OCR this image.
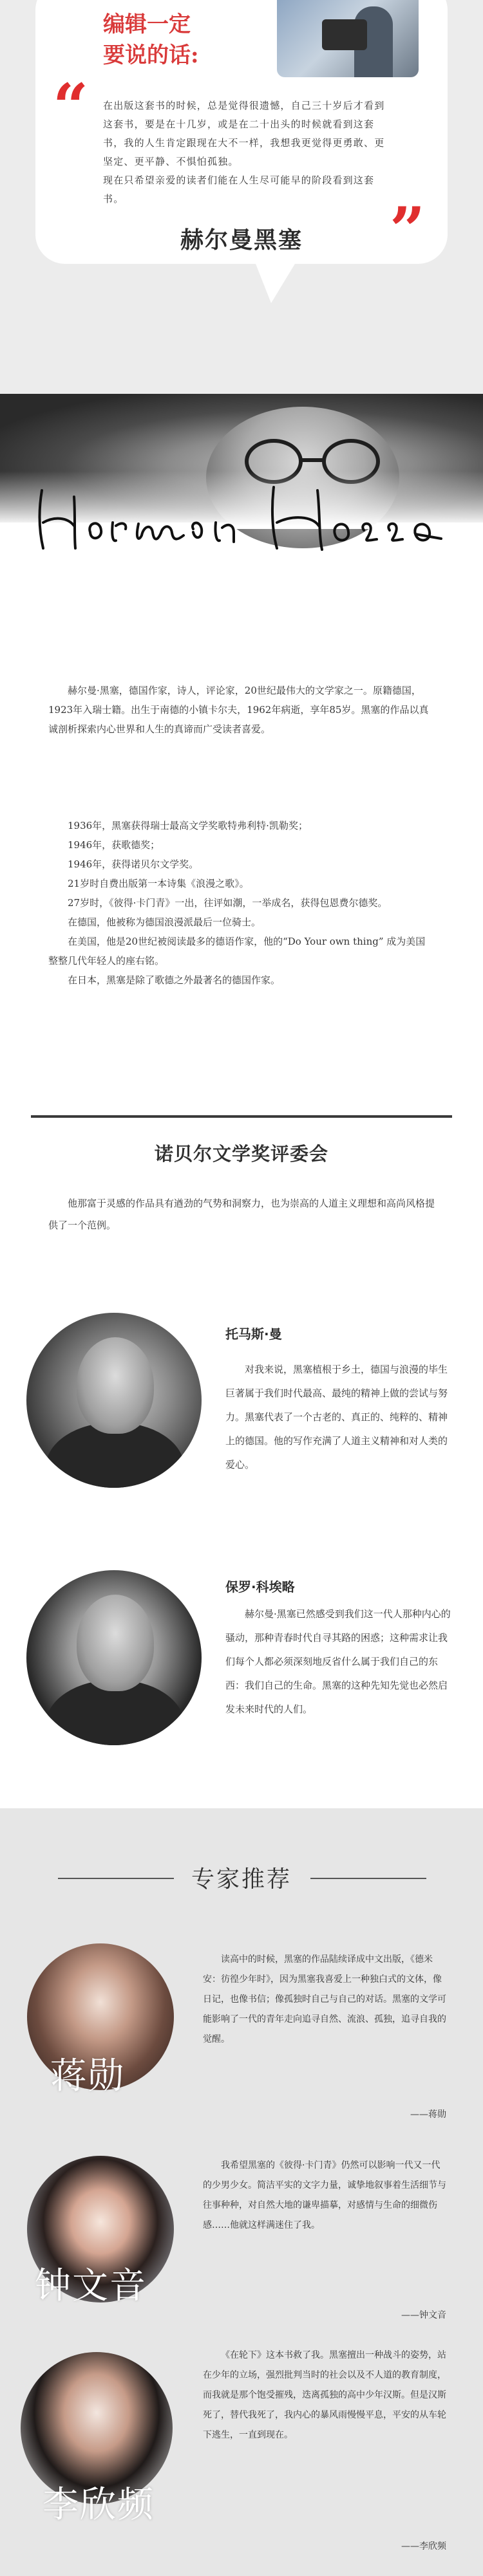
编辑一定
要说的话:
“ 在出版这套书的时候，总是觉得很遗憾，自己三十岁后才看到这套书，要是在十几岁，或是在二十出头的时候就看到这套书，我的人生肯定跟现在大不一样，我想我更觉得更勇敢、更坚定、更平静、不惧怕孤独。

现在只希望亲爱的读者们能在人生尽可能早的阶段看到这套书。	”
赫尔曼黑塞

赫尔曼·黑塞，德国作家，诗人，评论家，20世纪最伟大的文学家之一。原籍德国，1923年入瑞士籍。出生于南德的小镇卡尔夫，1962年病逝，享年85岁。黑塞的作品以真诚剖析探索内心世界和人生的真谛而广受读者喜爱。

1936年，黑塞获得瑞士最高文学奖歌特弗利特·凯勒奖；

1946年，获歌德奖；

1946年，获得诺贝尔文学奖。

21岁时自费出版第一本诗集《浪漫之歌》。

27岁时，《彼得·卡门青》一出，往评如潮，一举成名，获得包恩费尔德奖。

在德国，他被称为德国浪漫派最后一位骑士。

在美国，他是20世纪被阅读最多的德语作家，他的“Do Your own thing” 成为美国整整几代年轻人的座右铭。

在日本，黑塞是除了歌德之外最著名的德国作家。

诺贝尔文学奖评委会

他那富于灵感的作品具有遒劲的气势和洞察力，也为崇高的人道主义理想和高尚风格提供了一个范例。

托马斯·曼

对我来说，黑塞植根于乡土，德国与浪漫的毕生巨著属于我们时代最高、最纯的精神上做的尝试与努力。黑塞代表了一个古老的、真正的、纯粹的、精神上的德国。他的写作充满了人道主义精神和对人类的爱心。

保罗·科埃略

赫尔曼·黑塞已然感受到我们这一代人那种内心的骚动，那种青春时代自寻其路的困惑；这种需求让我们每个人都必须深刻地反省什么属于我们自己的东西：我们自己的生命。黑塞的这种先知先觉也必然启发未来时代的人们。

专家推荐
蒋勋

读高中的时候，黑塞的作品陆续译成中文出版，《德米安：彷徨少年时》，因为黑塞我喜爱上一种独白式的文体，像日记，也像书信；像孤独时自己与自己的对话。黑塞的文学可能影响了一代的青年走向追寻自然、流浪、孤独，追寻自我的觉醒。

——蒋勋
钟文音

我希望黑塞的《彼得·卡门青》仍然可以影响一代又一代的少男少女。简洁平实的文字力量，诚挚地叙事着生活细节与往事种种，对自然大地的谦卑描摹，对感情与生命的细微伤感……他就这样满迷住了我。

——钟文音
李欣频

《在轮下》这本书救了我。黑塞擅出一种战斗的姿势，站在少年的立场，强烈批判当时的社会以及不人道的教育制度，而我就是那个饱受摧残，迭离孤独的高中少年汉斯。但是汉斯死了，替代我死了，我内心的暴风雨慢慢平息，平安的从车轮下逃生，一直到现在。

——李欣频
